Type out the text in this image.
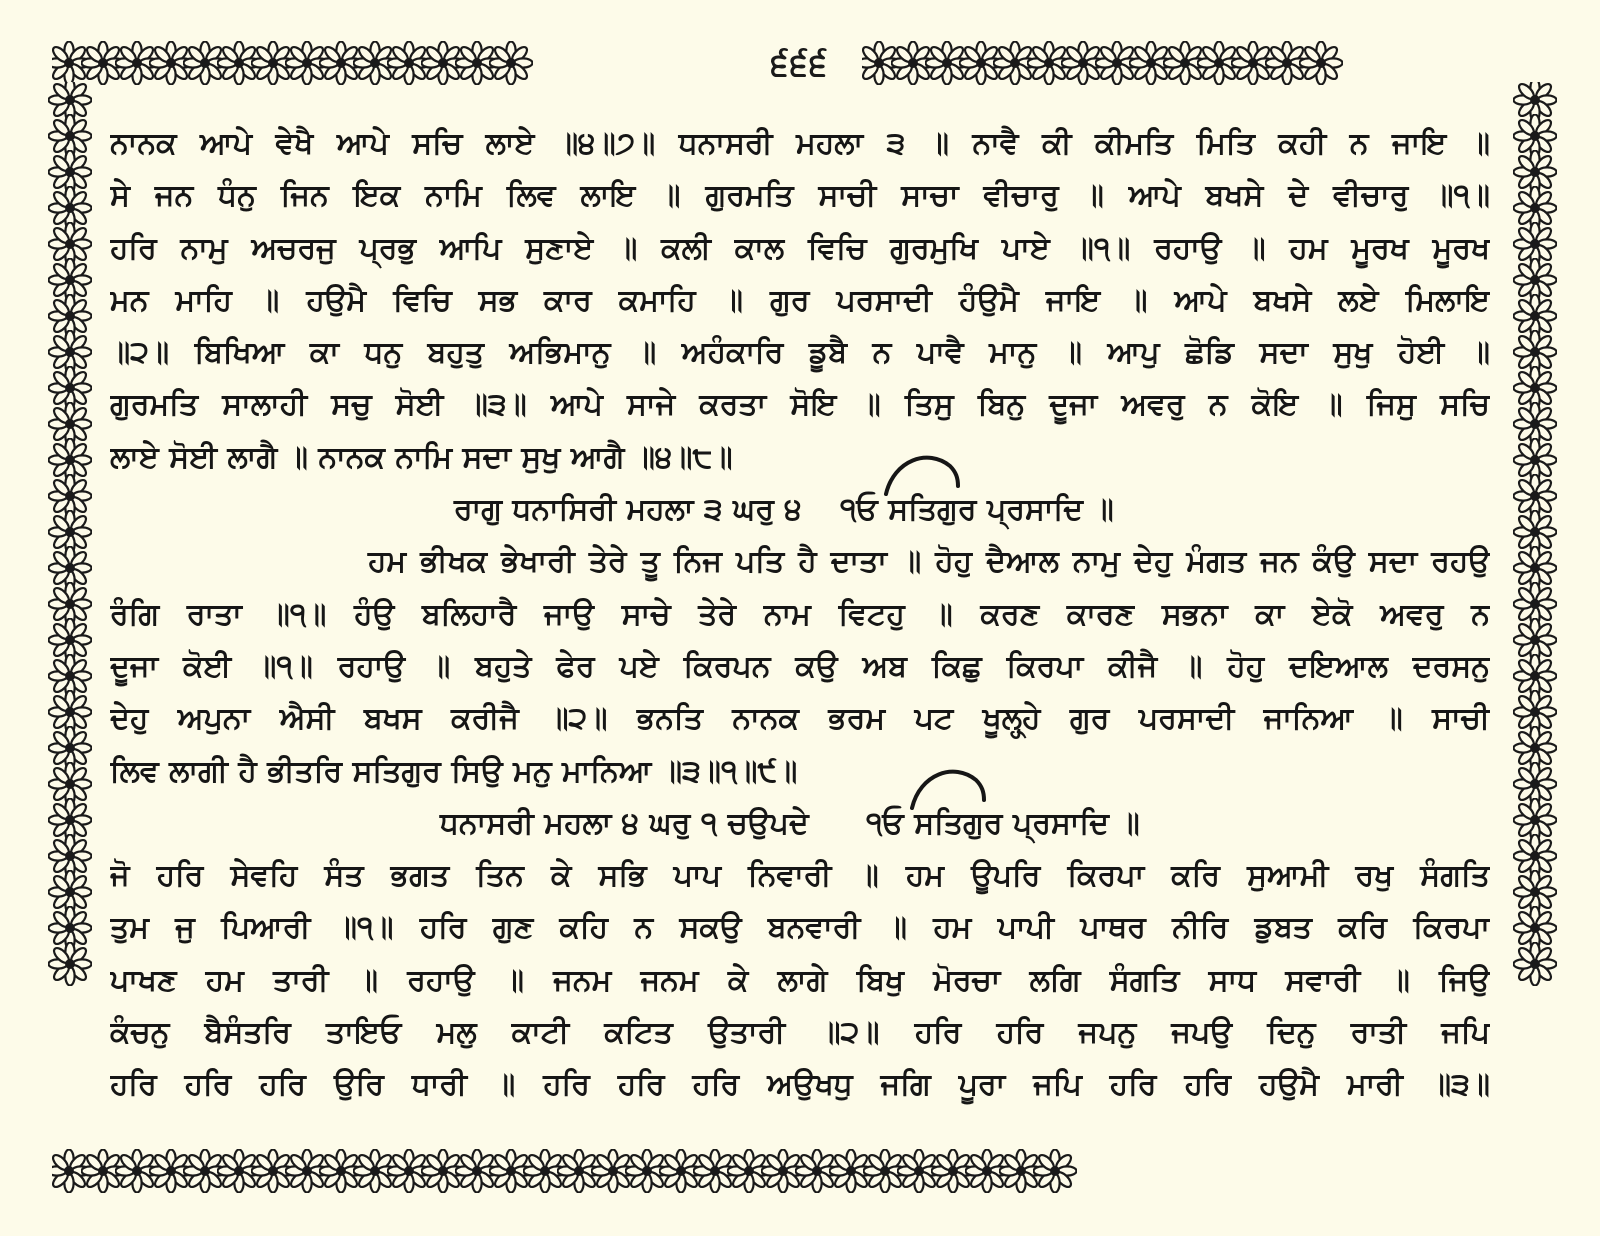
੬੬੬
ਨਾਨਕ ਆਪੇ ਵੇਖੈ ਆਪੇ ਸਚਿ ਲਾਏ ॥੪॥੭॥ ਧਨਾਸਰੀ ਮਹਲਾ ੩ ॥ ਨਾਵੈ ਕੀ ਕੀਮਤਿ ਮਿਤਿ ਕਹੀ ਨ ਜਾਇ ॥
ਸੇ ਜਨ ਧੰਨੁ ਜਿਨ ਇਕ ਨਾਮਿ ਲਿਵ ਲਾਇ ॥ ਗੁਰਮਤਿ ਸਾਚੀ ਸਾਚਾ ਵੀਚਾਰੁ ॥ ਆਪੇ ਬਖਸੇ ਦੇ ਵੀਚਾਰੁ ॥੧॥
ਹਰਿ ਨਾਮੁ ਅਚਰਜੁ ਪ੍ਰਭੁ ਆਪਿ ਸੁਣਾਏ ॥ ਕਲੀ ਕਾਲ ਵਿਚਿ ਗੁਰਮੁਖਿ ਪਾਏ ॥੧॥ ਰਹਾਉ ॥ ਹਮ ਮੂਰਖ ਮੂਰਖ
ਮਨ ਮਾਹਿ ॥ ਹਉਮੈ ਵਿਚਿ ਸਭ ਕਾਰ ਕਮਾਹਿ ॥ ਗੁਰ ਪਰਸਾਦੀ ਹੰਉਮੈ ਜਾਇ ॥ ਆਪੇ ਬਖਸੇ ਲਏ ਮਿਲਾਇ
॥੨॥ ਬਿਖਿਆ ਕਾ ਧਨੁ ਬਹੁਤੁ ਅਭਿਮਾਨੁ ॥ ਅਹੰਕਾਰਿ ਡੂਬੈ ਨ ਪਾਵੈ ਮਾਨੁ ॥ ਆਪੁ ਛੋਡਿ ਸਦਾ ਸੁਖੁ ਹੋਈ ॥
ਗੁਰਮਤਿ ਸਾਲਾਹੀ ਸਚੁ ਸੋਈ ॥੩॥ ਆਪੇ ਸਾਜੇ ਕਰਤਾ ਸੋਇ ॥ ਤਿਸੁ ਬਿਨੁ ਦੂਜਾ ਅਵਰੁ ਨ ਕੋਇ ॥ ਜਿਸੁ ਸਚਿ
ਲਾਏ ਸੋਈ ਲਾਗੈ ॥ ਨਾਨਕ ਨਾਮਿ ਸਦਾ ਸੁਖੁ ਆਗੈ ॥੪॥੮॥
ਰਾਗੁ ਧਨਾਸਿਰੀ ਮਹਲਾ ੩ ਘਰੁ ੪ ੧ਓ ਸਤਿਗੁਰ ਪ੍ਰਸਾਦਿ ॥
ਹਮ ਭੀਖਕ ਭੇਖਾਰੀ ਤੇਰੇ ਤੂ ਨਿਜ ਪਤਿ ਹੈ ਦਾਤਾ ॥ ਹੋਹੁ ਦੈਆਲ ਨਾਮੁ ਦੇਹੁ ਮੰਗਤ ਜਨ ਕੰਉ ਸਦਾ ਰਹਉ
ਰੰਗਿ ਰਾਤਾ ॥੧॥ ਹੰਉ ਬਲਿਹਾਰੈ ਜਾਉ ਸਾਚੇ ਤੇਰੇ ਨਾਮ ਵਿਟਹੁ ॥ ਕਰਣ ਕਾਰਣ ਸਭਨਾ ਕਾ ਏਕੋ ਅਵਰੁ ਨ
ਦੂਜਾ ਕੋਈ ॥੧॥ ਰਹਾਉ ॥ ਬਹੁਤੇ ਫੇਰ ਪਏ ਕਿਰਪਨ ਕਉ ਅਬ ਕਿਛੁ ਕਿਰਪਾ ਕੀਜੈ ॥ ਹੋਹੁ ਦਇਆਲ ਦਰਸਨੁ
ਦੇਹੁ ਅਪੁਨਾ ਐਸੀ ਬਖਸ ਕਰੀਜੈ ॥੨॥ ਭਨਤਿ ਨਾਨਕ ਭਰਮ ਪਟ ਖੂਲ੍ਹ੍ਹੇ ਗੁਰ ਪਰਸਾਦੀ ਜਾਨਿਆ ॥ ਸਾਚੀ
ਲਿਵ ਲਾਗੀ ਹੈ ਭੀਤਰਿ ਸਤਿਗੁਰ ਸਿਉ ਮਨੁ ਮਾਨਿਆ ॥੩॥੧॥੯॥
ਧਨਾਸਰੀ ਮਹਲਾ ੪ ਘਰੁ ੧ ਚਉਪਦੇ ੧ਓ ਸਤਿਗੁਰ ਪ੍ਰਸਾਦਿ ॥
ਜੋ ਹਰਿ ਸੇਵਹਿ ਸੰਤ ਭਗਤ ਤਿਨ ਕੇ ਸਭਿ ਪਾਪ ਨਿਵਾਰੀ ॥ ਹਮ ਊਪਰਿ ਕਿਰਪਾ ਕਰਿ ਸੁਆਮੀ ਰਖੁ ਸੰਗਤਿ
ਤੁਮ ਜੁ ਪਿਆਰੀ ॥੧॥ ਹਰਿ ਗੁਣ ਕਹਿ ਨ ਸਕਉ ਬਨਵਾਰੀ ॥ ਹਮ ਪਾਪੀ ਪਾਥਰ ਨੀਰਿ ਡੁਬਤ ਕਰਿ ਕਿਰਪਾ
ਪਾਖਣ ਹਮ ਤਾਰੀ ॥ ਰਹਾਉ ॥ ਜਨਮ ਜਨਮ ਕੇ ਲਾਗੇ ਬਿਖੁ ਮੋਰਚਾ ਲਗਿ ਸੰਗਤਿ ਸਾਧ ਸਵਾਰੀ ॥ ਜਿਉ
ਕੰਚਨੁ ਬੈਸੰਤਰਿ ਤਾਇਓ ਮਲੁ ਕਾਟੀ ਕਟਿਤ ਉਤਾਰੀ ॥੨॥ ਹਰਿ ਹਰਿ ਜਪਨੁ ਜਪਉ ਦਿਨੁ ਰਾਤੀ ਜਪਿ
ਹਰਿ ਹਰਿ ਹਰਿ ਉਰਿ ਧਾਰੀ ॥ ਹਰਿ ਹਰਿ ਹਰਿ ਅਉਖਧੁ ਜਗਿ ਪੂਰਾ ਜਪਿ ਹਰਿ ਹਰਿ ਹਉਮੈ ਮਾਰੀ ॥੩॥
